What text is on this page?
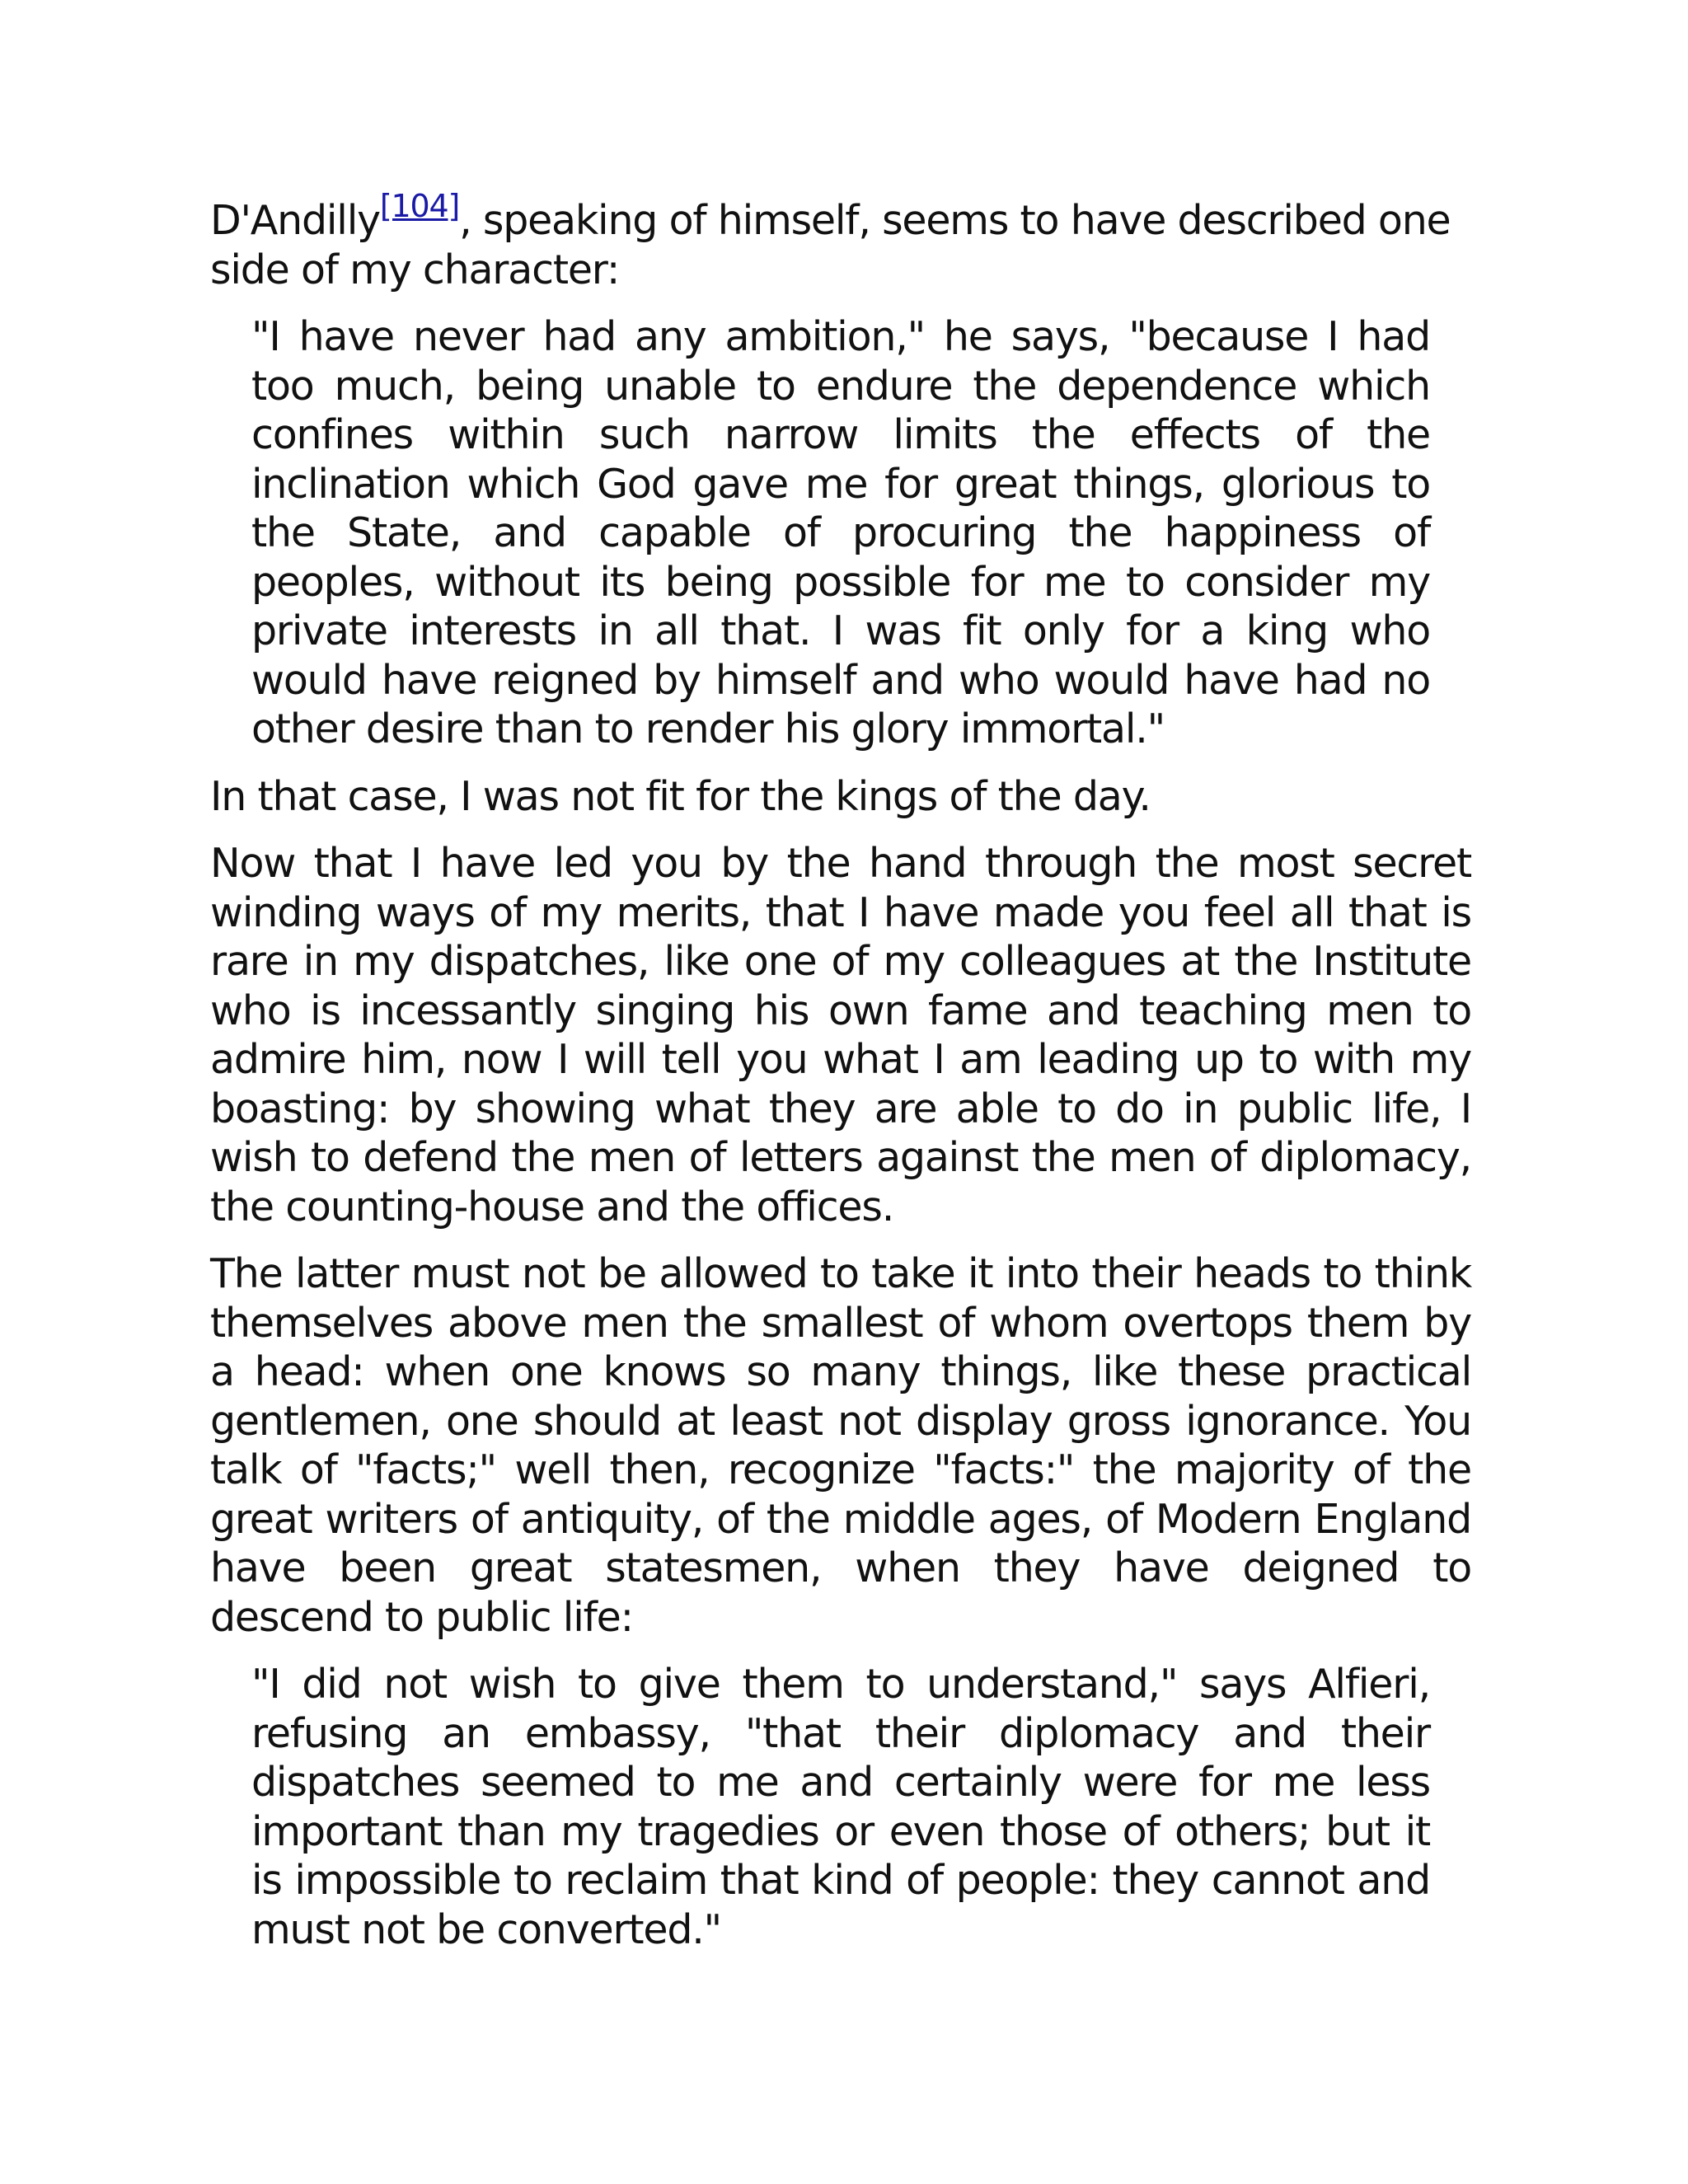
D'Andilly[104], speaking of himself, seems to have described one side of my character:

"I have never had any ambition," he says, "because I had too much, being unable to endure the dependence which confines within such narrow limits the effects of the inclination which God gave me for great things, glorious to the State, and capable of procuring the happiness of peoples, without its being possible for me to consider my private interests in all that. I was fit only for a king who would have reigned by himself and who would have had no other desire than to render his glory immortal."

In that case, I was not fit for the kings of the day.

Now that I have led you by the hand through the most secret winding ways of my merits, that I have made you feel all that is rare in my dispatches, like one of my colleagues at the Institute who is incessantly singing his own fame and teaching men to admire him, now I will tell you what I am leading up to with my boasting: by showing what they are able to do in public life, I wish to defend the men of letters against the men of diplomacy, the counting-house and the offices.

The latter must not be allowed to take it into their heads to think themselves above men the smallest of whom overtops them by a head: when one knows so many things, like these practical gentlemen, one should at least not display gross ignorance. You talk of "facts;" well then, recognize "facts:" the majority of the great writers of antiquity, of the middle ages, of Modern England have been great statesmen, when they have deigned to descend to public life:

"I did not wish to give them to understand," says Alfieri, refusing an embassy, "that their diplomacy and their dispatches seemed to me and certainly were for me less important than my tragedies or even those of others; but it is impossible to reclaim that kind of people: they cannot and must not be converted."
